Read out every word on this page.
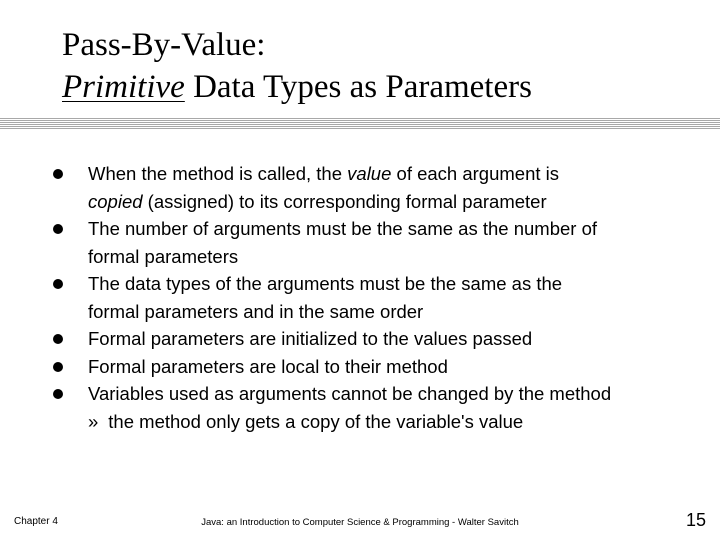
Pass-By-Value:
Primitive Data Types as Parameters
When the method is called, the value of each argument is
copied (assigned) to its corresponding formal parameter
The number of arguments must be the same as the number of
formal parameters
The data types of the arguments must be the same as the
formal parameters and in the same order
Formal parameters are initialized to the values passed
Formal parameters are local to their method
Variables used as arguments cannot be changed by the method
» the method only gets a copy of the variable's value
Chapter 4	Java: an Introduction to Computer Science & Programming - Walter Savitch	15
